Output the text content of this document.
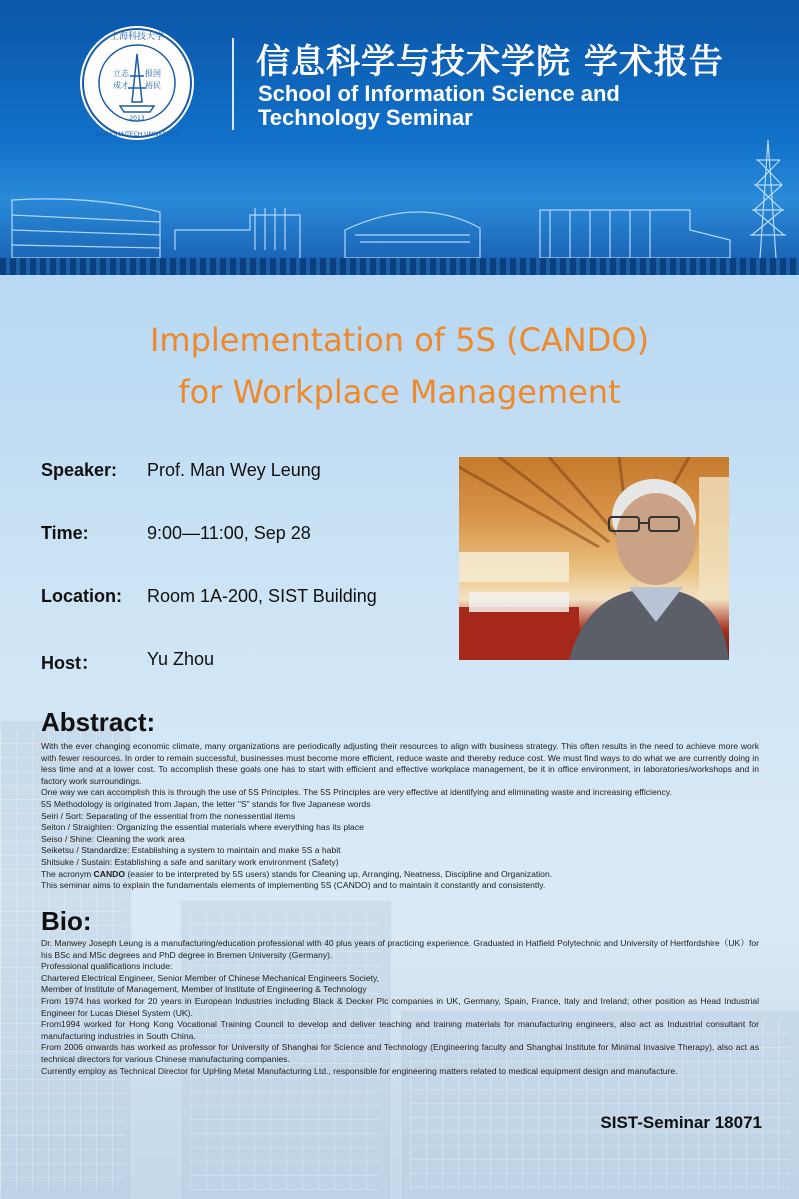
立志
成才
报国
裕民
2013
上海科技大学
SHANGHAITECH UNIVERSITY
信息科学与技术学院 学术报告
School of Information Science and
Technology Seminar
Implementation of 5S (CANDO)
for Workplace Management
Speaker: Prof. Man Wey Leung
Time:	9:00—11:00, Sep 28
Location: Room 1A-200, SIST Building
Host：	Yu Zhou
Abstract:

With the ever changing economic climate, many organizations are periodically adjusting their resources to align with business strategy. This often results in the need to achieve more work with fewer resources. In order to remain successful, businesses must become more efficient, reduce waste and thereby reduce cost. We must find ways to do what we are currently doing in less time and at a lower cost. To accomplish these goals one has to start with efficient and effective workplace management, be it in office environment, in laboratories/workshops and in factory work surroundings.

One way we can accomplish this is through the use of 5S Principles. The 5S Principles are very effective at identifying and eliminating waste and increasing efficiency.

5S Methodology is originated from Japan, the letter "S" stands for five Japanese words

Seiri / Sort: Separating of the essential from the nonessential items

Seiton / Straighten: Organizing the essential materials where everything has its place

Seiso / Shine: Cleaning the work area

Seiketsu / Standardize: Establishing a system to maintain and make 5S a habit

Shitsuke / Sustain: Establishing a safe and sanitary work environment (Safety)

The acronym CANDO (easier to be interpreted by 5S users) stands for Cleaning up, Arranging, Neatness, Discipline and Organization.

This seminar aims to explain the fundamentals elements of implementing 5S (CANDO) and to maintain it constantly and consistently.

Bio:

Dr. Manwey Joseph Leung is a manufacturing/education professional with 40 plus years of practicing experience. Graduated in Hatfield Polytechnic and University of Hertfordshire（UK）for his BSc and MSc degrees and PhD degree in Bremen University (Germany).

Professional qualifications include:

Chartered Electrical Engineer, Senior Member of Chinese Mechanical Engineers Society,

Member of Institute of Management, Member of Institute of Engineering & Technology

From 1974 has worked for 20 years in European Industries including Black & Decker Plc companies in UK, Germany, Spain, France, Italy and Ireland; other position as Head Industrial Engineer for Lucas Diesel System (UK).

From1994 worked for Hong Kong Vocational Training Council to develop and deliver teaching and training materials for manufacturing engineers, also act as Industrial consultant for manufacturing industries in South China.

From 2006 onwards has worked as professor for University of Shanghai for Science and Technology (Engineering faculty and Shanghai Institute for Minimal Invasive Therapy), also act as technical directors for various Chinese manufacturing companies.

Currently employ as Technical Director for UpHing Metal Manufacturing Ltd., responsible for engineering matters related to medical equipment design and manufacture.

SIST-Seminar 18071
